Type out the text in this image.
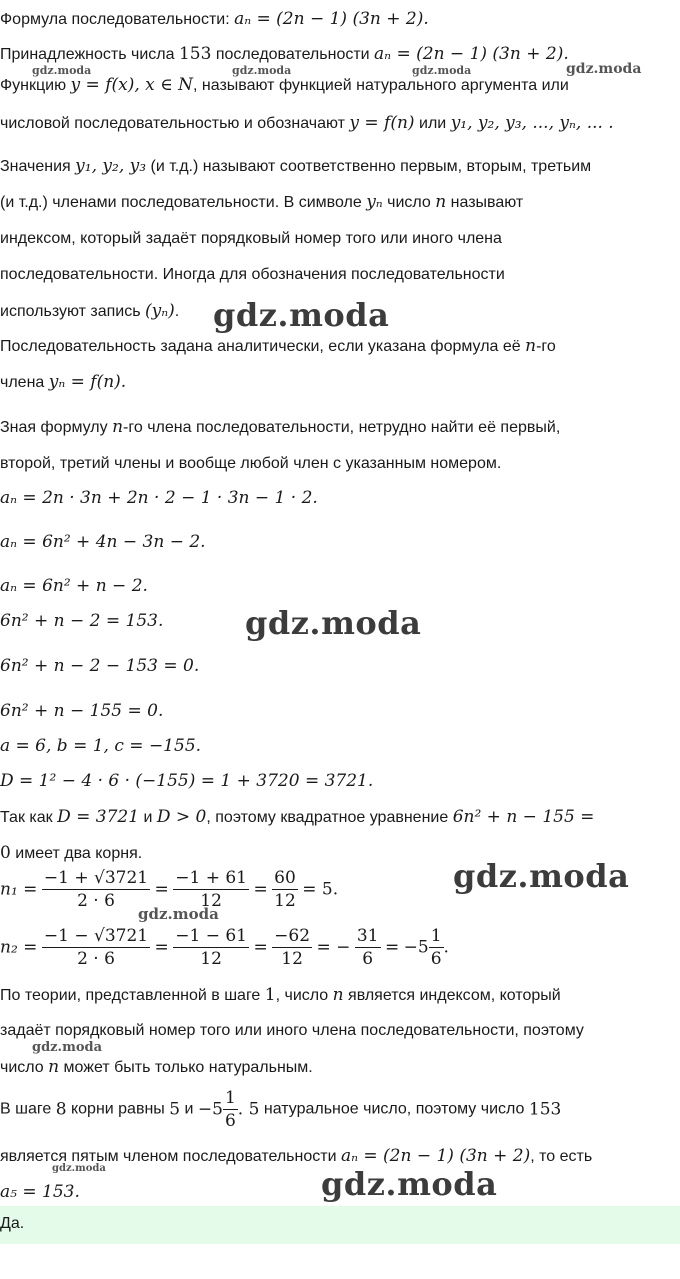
Формула последовательности: aₙ = (2n − 1) (3n + 2).
Принадлежность числа 153 последовательности aₙ = (2n − 1) (3n + 2).
Функцию y = f(x), x ∈ N, называют функцией натурального аргумента или
числовой последовательностью и обозначают y = f(n) или y₁, y₂, y₃, ..., yₙ, ... .
Значения y₁, y₂, y₃ (и т.д.) называют соответственно первым, вторым, третьим
(и т.д.) членами последовательности. В символе yₙ число n называют
индексом, который задаёт порядковый номер того или иного члена
последовательности. Иногда для обозначения последовательности
используют запись (yₙ).
Последовательность задана аналитически, если указана формула её n-го
члена yₙ = f(n).
Зная формулу n-го члена последовательности, нетрудно найти её первый,
второй, третий члены и вообще любой член с указанным номером.
aₙ = 2n · 3n + 2n · 2 − 1 · 3n − 1 · 2.
aₙ = 6n² + 4n − 3n − 2.
aₙ = 6n² + n − 2.
6n² + n − 2 = 153.
6n² + n − 2 − 153 = 0.
6n² + n − 155 = 0.
a = 6, b = 1, c = −155.
D = 1² − 4 · 6 · (−155) = 1 + 3720 = 3721.
Так как D = 3721 и D > 0, поэтому квадратное уравнение 6n² + n − 155 =
0 имеет два корня.
$n_1 = \frac{-1 + √3721}{2 \cdot 6} = \frac{-1 + 61}{12} = \frac{60}{12} = 5$.
$n_2 = \frac{-1 - √3721}{2 \cdot 6} = \frac{-1 - 61}{12} = \frac{-62}{12}$ = − $\frac{31}{6} = -5 \frac{1}{6}$ .
По теории, представленной в шаге 1, число n является индексом, который
задаёт порядковый номер того или иного члена последовательности, поэтому
число n может быть только натуральным.
В шаге 8 корни равны 5 $и -5 \frac{1}{6}$ . 5 натуральное число, поэтому число 153
является пятым членом последовательности aₙ = (2n − 1) (3n + 2), то есть
a₅ = 153.
Да.
gdz.moda	gdz.moda	gdz.moda	gdz.moda
gdz.moda
gdz.moda
gdz.moda
gdz.moda
gdz.moda
gdz.moda	gdz.moda
